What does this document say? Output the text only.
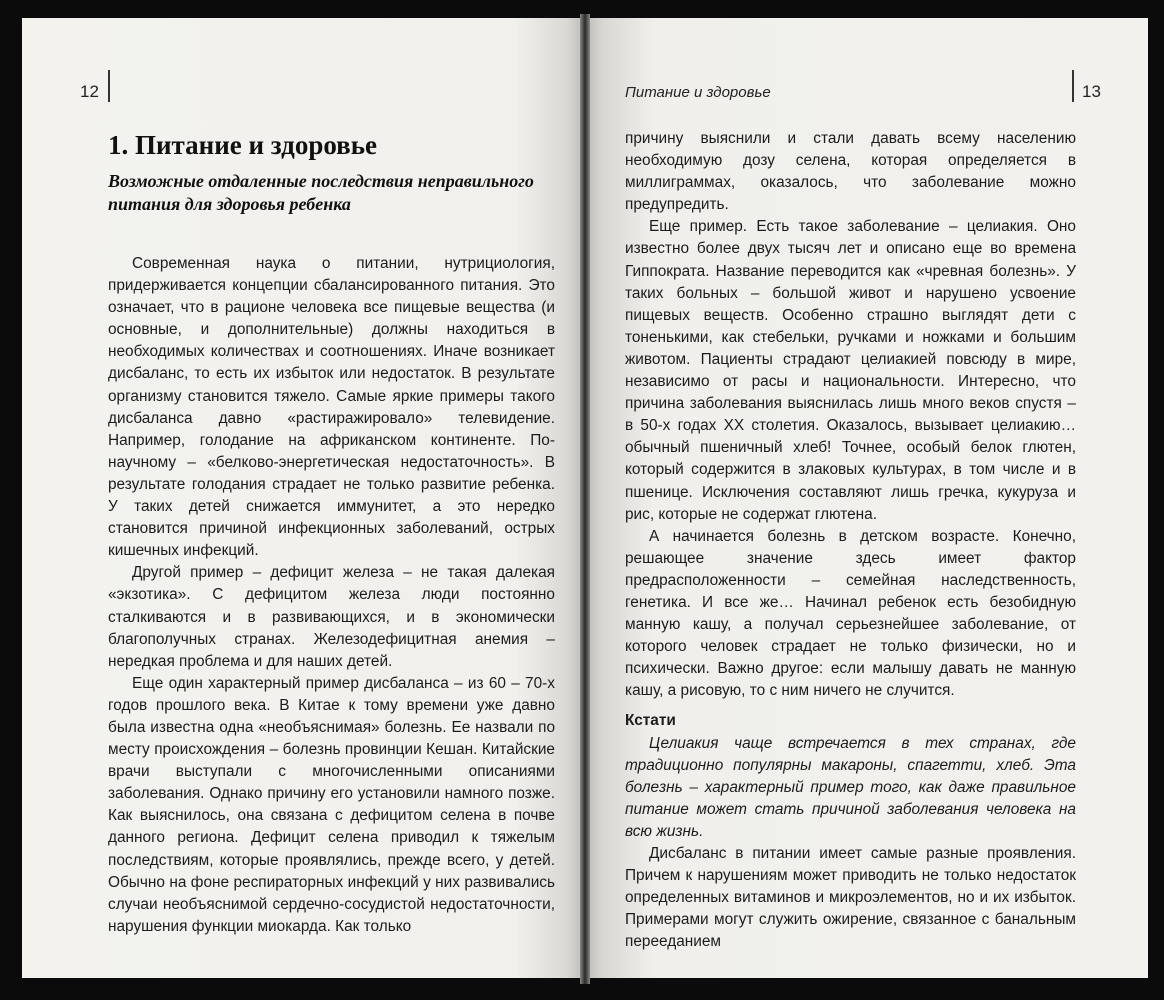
12
1. Питание и здоровье
Возможные отдаленные последствия неправильного питания для здоровья ребенка

Современная наука о питании, нутрициология, придерживается концепции сбалансированного питания. Это означает, что в рационе человека все пищевые вещества (и основные, и дополнительные) должны находиться в необходимых количествах и соотношениях. Иначе возникает дисбаланс, то есть их избыток или недостаток. В результате организму становится тяжело. Самые яркие примеры такого дисбаланса давно «растиражировало» телевидение. Например, голодание на африканском континенте. По-научному – «белково-энергетическая недостаточность». В результате голодания страдает не только развитие ребенка. У таких детей снижается иммунитет, а это нередко становится причиной инфекционных заболеваний, острых кишечных инфекций.

Другой пример – дефицит железа – не такая далекая «экзотика». С дефицитом железа люди постоянно сталкиваются и в развивающихся, и в экономически благополучных странах. Железодефицитная анемия – нередкая проблема и для наших детей.

Еще один характерный пример дисбаланса – из 60 – 70-х годов прошлого века. В Китае к тому времени уже давно была известна одна «необъяснимая» болезнь. Ее назвали по месту происхождения – болезнь провинции Кешан. Китайские врачи выступали с многочисленными описаниями заболевания. Однако причину его установили намного позже. Как выяснилось, она связана с дефицитом селена в почве данного региона. Дефицит селена приводил к тяжелым последствиям, которые проявлялись, прежде всего, у детей. Обычно на фоне респираторных инфекций у них развивались случаи необъяснимой сердечно-сосудистой недостаточности, нарушения функции миокарда. Как только

Питание и здоровье	13

причину выяснили и стали давать всему населению необходимую дозу селена, которая определяется в миллиграммах, оказалось, что заболевание можно предупредить.

Еще пример. Есть такое заболевание – целиакия. Оно известно более двух тысяч лет и описано еще во времена Гиппократа. Название переводится как «чревная болезнь». У таких больных – большой живот и нарушено усвоение пищевых веществ. Особенно страшно выглядят дети с тоненькими, как стебельки, ручками и ножками и большим животом. Пациенты страдают целиакией повсюду в мире, независимо от расы и национальности. Интересно, что причина заболевания выяснилась лишь много веков спустя – в 50-х годах XX столетия. Оказалось, вызывает целиакию… обычный пшеничный хлеб! Точнее, особый белок глютен, который содержится в злаковых культурах, в том числе и в пшенице. Исключения составляют лишь гречка, кукуруза и рис, которые не содержат глютена.

А начинается болезнь в детском возрасте. Конечно, решающее значение здесь имеет фактор предрасположенности – семейная наследственность, генетика. И все же… Начинал ребенок есть безобидную манную кашу, а получал серьезнейшее заболевание, от которого человек страдает не только физически, но и психически. Важно другое: если малышу давать не манную кашу, а рисовую, то с ним ничего не случится.

Кстати

Целиакия чаще встречается в тех странах, где традиционно популярны макароны, спагетти, хлеб. Эта болезнь – характерный пример того, как даже правильное питание может стать причиной заболевания человека на всю жизнь.

Дисбаланс в питании имеет самые разные проявления. Причем к нарушениям может приводить не только недостаток определенных витаминов и микроэлементов, но и их избыток. Примерами могут служить ожирение, связанное с банальным перееданием
